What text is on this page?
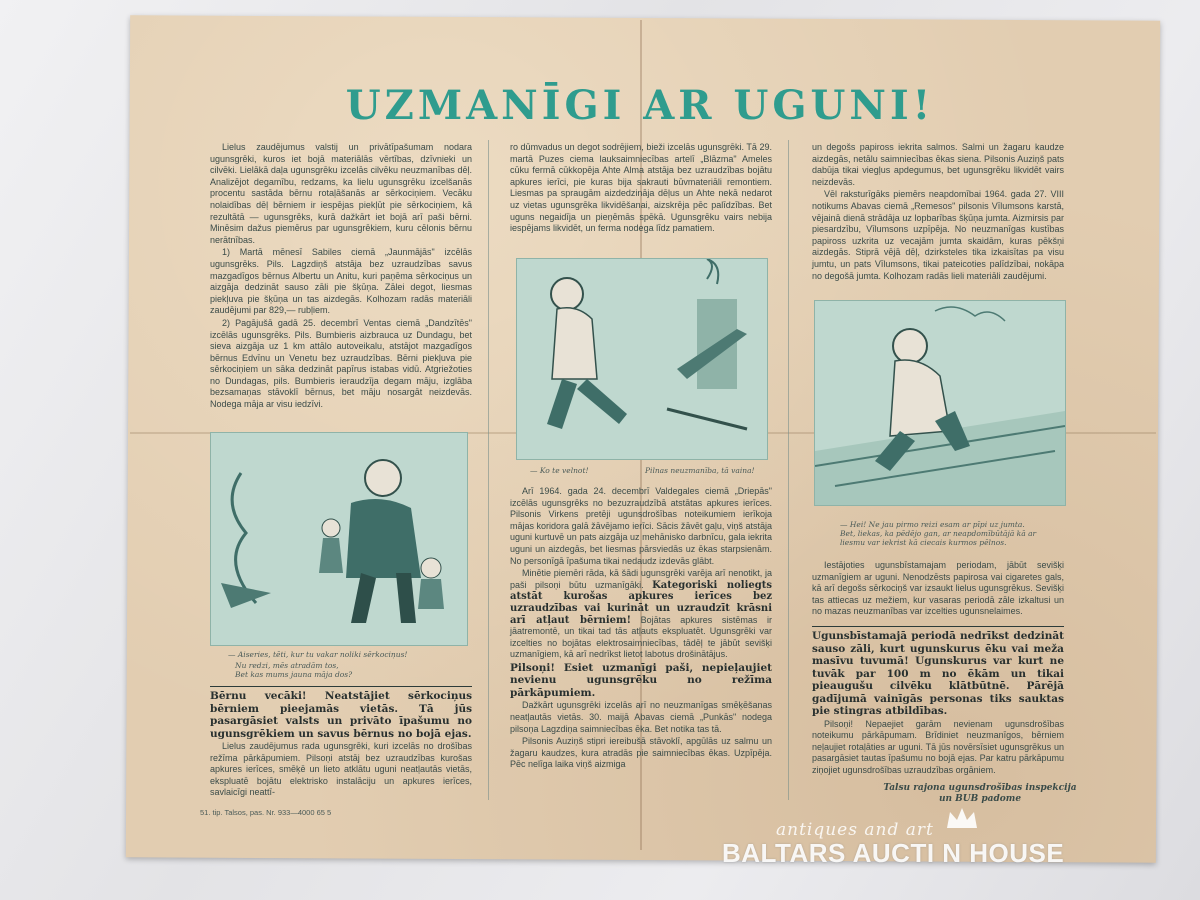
UZMANĪGI AR UGUNI!

Lielus zaudējumus valstij un privātīpašumam nodara ugunsgrēki, kuros iet bojā materiālās vērtības, dzīvnieki un cilvēki. Lielākā daļa ugunsgrēku izcelās cilvēku neuzmanības dēļ. Analizējot degamību, redzams, ka lielu ugunsgrēku izcelšanās procentu sastāda bērnu rotaļāšanās ar sērkociņiem. Vecāku nolaidības dēļ bērniem ir iespējas piekļūt pie sērkociņiem, kā rezultātā — ugunsgrēks, kurā dažkārt iet bojā arī paši bērni. Minēsim dažus piemērus par ugunsgrēkiem, kuru cēlonis bērnu nerātnības.

1) Martā mēnesī Sabiles ciemā „Jaunmājās" izcēlās ugunsgrēks. Pils. Lagzdiņš atstāja bez uzraudzības savus mazgadīgos bērnus Albertu un Anitu, kuri paņēma sērkociņus un aizgāja dedzināt sauso zāli pie šķūņa. Zālei degot, liesmas piekļuva pie šķūņa un tas aizdegās. Kolhozam radās materiāli zaudējumi par 829,— rubļiem.

2) Pagājušā gadā 25. decembrī Ventas ciemā „Dandzītēs" izcēlās ugunsgrēks. Pils. Bumbieris aizbrauca uz Dundagu, bet sieva aizgāja uz 1 km attālo autoveikalu, atstājot mazgadīgos bērnus Edvīnu un Venetu bez uzraudzības. Bērni piekļuva pie sērkociņiem un sāka dedzināt papīrus istabas vidū. Atgriežoties no Dundagas, pils. Bumbieris ieraudzīja degam māju, izglāba bezsamaņas stāvoklī bērnus, bet māju nosargāt neizdevās. Nodega māja ar visu iedzīvi.

— Aiseries, tēti, kur tu vakar noliki sērkociņus!
Nu redzi, mēs atradām tos,
Bet kas mums jauna māja dos?

Bērnu vecāki! Neatstājiet sērkociņus bērniem pieejamās vietās. Tā jūs pasargāsiet valsts un privāto īpašumu no ugunsgrēkiem un savus bērnus no bojā ejas.

Lielus zaudējumus rada ugunsgrēki, kuri izcelās no drošības režīma pārkāpumiem. Pilsoņi atstāj bez uzraudzības kurošas apkures ierīces, smēķē un lieto atklātu uguni neatļautās vietās, ekspluatē bojātu elektrisko instalāciju un apkures ierīces, savlaicīgi neattī-

51. tip. Talsos, pas. Nr. 933—4000 65 5

ro dūmvadus un degot sodrējiem, bieži izcelās ugunsgrēki. Tā 29. martā Puzes ciema lauksaimniecības artelī „Blāzma" Ameles cūku fermā cūkkopēja Ahte Alma atstāja bez uzraudzības bojātu apkures ierīci, pie kuras bija sakrauti būvmateriāli remontiem. Liesmas pa spraugām aizdedzināja dēļus un Ahte nekā nedarot uz vietas ugunsgrēka likvidēšanai, aizskrēja pēc palīdzības. Bet uguns negaidīja un pieņēmās spēkā. Ugunsgrēku vairs nebija iespējams likvidēt, un ferma nodega līdz pamatiem.

— Ko te velnot!	Pilnas neuzmanība, tā vaina!

Arī 1964. gada 24. decembrī Valdegales ciemā „Driepās" izcēlās ugunsgrēks no bezuzraudzībā atstātas apkures ierīces. Pilsonis Virkens pretēji ugunsdrošības noteikumiem ierīkoja mājas koridora galā žāvējamo ierīci. Sācis žāvēt gaļu, viņš atstāja uguni kurtuvē un pats aizgāja uz mehānisko darbnīcu, gala iekrita uguni un aizdegās, bet liesmas pārsviedās uz ēkas starpsienām. No personīgā īpašuma tikai nedaudz izdevās glābt.

Minētie piemēri rāda, kā šādi ugunsgrēki varēja arī nenotikt, ja paši pilsoņi būtu uzmanīgāki. Kategoriski noliegts atstāt kurošas apkures ierīces bez uzraudzības vai kurināt un uzraudzīt krāsni arī atļaut bērniem! Bojātas apkures sistēmas ir jāatremontē, un tikai tad tās atļauts ekspluatēt. Ugunsgrēki var izcelties no bojātas elektrosaimniecības, tādēļ te jābūt sevišķi uzmanīgiem, kā arī nedrīkst lietot labotus drošinātājus.

Pilsoņi! Esiet uzmanīgi paši, nepieļaujiet nevienu ugunsgrēku no režīma pārkāpumiem.

Dažkārt ugunsgrēki izcelās arī no neuzmanīgas smēķēšanas neatļautās vietās. 30. maijā Abavas ciemā „Punkās" nodega pilsoņa Lagzdiņa saimniecības ēka. Bet notika tas tā.

Pilsonis Auziņš stipri iereibušā stāvoklī, apgūlās uz salmu un žagaru kaudzes, kura atradās pie saimniecības ēkas. Uzpīpēja. Pēc nelīga laika viņš aizmiga

un degošs papiross iekrita salmos. Salmi un žagaru kaudze aizdegās, netālu saimniecības ēkas siena. Pilsonis Auziņš pats dabūja tikai viegļus apdegumus, bet ugunsgrēku likvidēt vairs neizdevās.

Vēl raksturīgāks piemērs neapdomībai 1964. gada 27. VIII notikums Abavas ciemā „Remesos" pilsonis Vīlumsons karstā, vējainā dienā strādāja uz lopbarības šķūņa jumta. Aizmirsis par piesardzību, Vīlumsons uzpīpēja. No neuzmanīgas kustības papiross uzkrita uz vecajām jumta skaidām, kuras pēkšņi aizdegās. Stiprā vējā dēļ, dzirksteles tika izkaisītas pa visu jumtu, un pats Vīlumsons, tikai pateicoties palīdzībai, nokāpa no degošā jumta. Kolhozam radās lieli materiāli zaudējumi.

— Hei! Ne jau pirmo reizi esam ar pīpi uz jumta.
Bet, liekas, ka pēdējo gan, ar neapdomībūtājā kā ar
liesmu var iekrist kā ciecais kurmos pēlnos.

Iestājoties ugunsbīstamajam periodam, jābūt sevišķi uzmanīgiem ar uguni. Nenodzēsts papirosa vai cigaretes gals, kā arī degošs sērkociņš var izsaukt lielus ugunsgrēkus. Sevišķi tas attiecas uz mežiem, kur vasaras periodā zāle izkaltusi un no mazas neuzmanības var izcelties ugunsnelaimes.

Ugunsbīstamajā periodā nedrīkst dedzināt sauso zāli, kurt ugunskurus ēku vai meža masīvu tuvumā! Ugunskurus var kurt ne tuvāk par 100 m no ēkām un tikai pieaugušu cilvēku klātbūtnē. Pārējā gadījumā vainīgās personas tiks sauktas pie stingras atbildības.

Pilsoņi! Nepaejiet garām nevienam ugunsdrošības noteikumu pārkāpumam. Brīdiniet neuzmanīgos, bērniem neļaujiet rotaļāties ar uguni. Tā jūs novērsīsiet ugunsgrēkus un pasargāsiet tautas īpašumu no bojā ejas. Par katru pārkāpumu ziņojiet ugunsdrošības uzraudzības orgāniem.

Talsu rajona ugunsdrošības inspekcija
un BUB padome
antiques and art
BALTARS AUCTI N HOUSE
